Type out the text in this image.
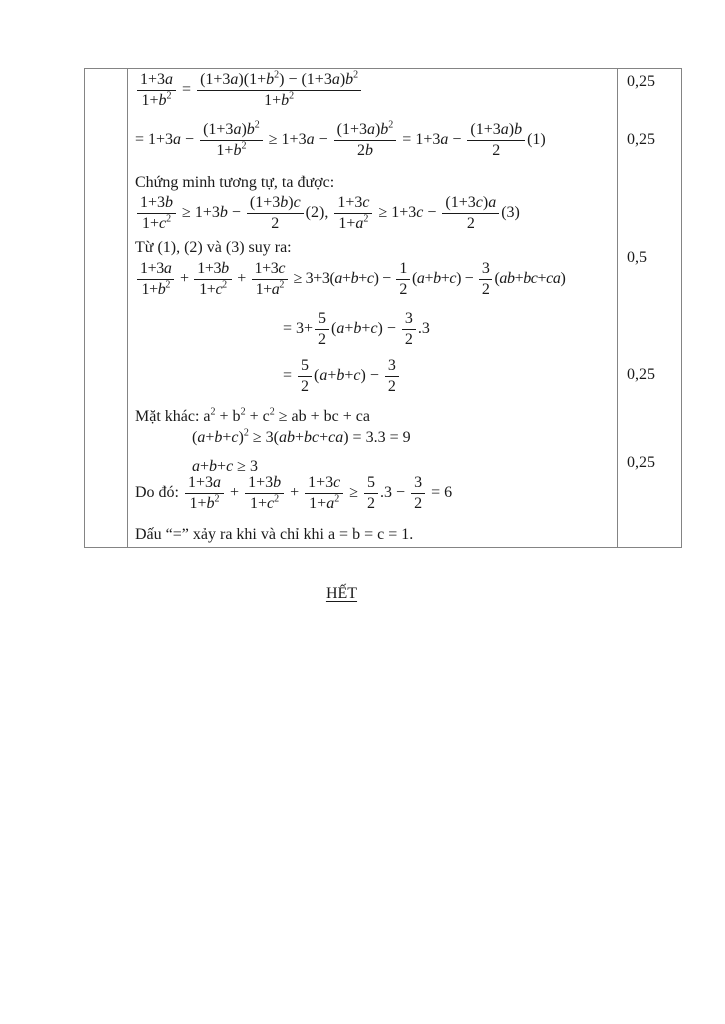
$\frac{1+3a}{1+b^2} = \frac{(1+3a)(1+b^2) - (1+3a)b^2}{1+b^2}$
= $1+3a - \frac{(1+3a)b^2}{1+b^2} \ge 1+3a - \frac{(1+3a)b^2}{2b} = 1+3a - \frac{(1+3a)b}{2} (1)$
Chứng minh tương tự, ta được:
$\frac{1+3b}{1+c^2} \ge 1+3b - \frac{(1+3b)c}{2} (2)$, $\frac{1+3c}{1+a^2} \ge 1+3c - \frac{(1+3c)a}{2} (3)$
Từ (1), (2) và (3) suy ra:
$\frac{1+3a}{1+b^2} + \frac{1+3b}{1+c^2} + \frac{1+3c}{1+a^2} \ge 3+3(a+b+c) - \frac{1}{2} (a+b+c) - \frac{3}{2} (ab+bc+ca)$
= $3+ \frac{5}{2} (a+b+c) - \frac{3}{2} .3$
= $\frac{5}{2} (a+b+c) - \frac{3}{2}$
Mặt khác: $a^2 + b^2 + c^2$ ≥ ab + bc + ca
$(a+b+c)^2 \ge 3(ab+bc+ca) = 3.3 = 9$
a+b+c ≥ 3
Do đó: $\frac{1+3a}{1+b^2} + \frac{1+3b}{1+c^2} + \frac{1+3c}{1+a^2} \ge \frac{5}{2} .3 - \frac{3}{2} = 6$
Dấu “=” xảy ra khi và chỉ khi a = b = c = 1.
0,25
0,25
0,5
0,25
0,25
HẾT
